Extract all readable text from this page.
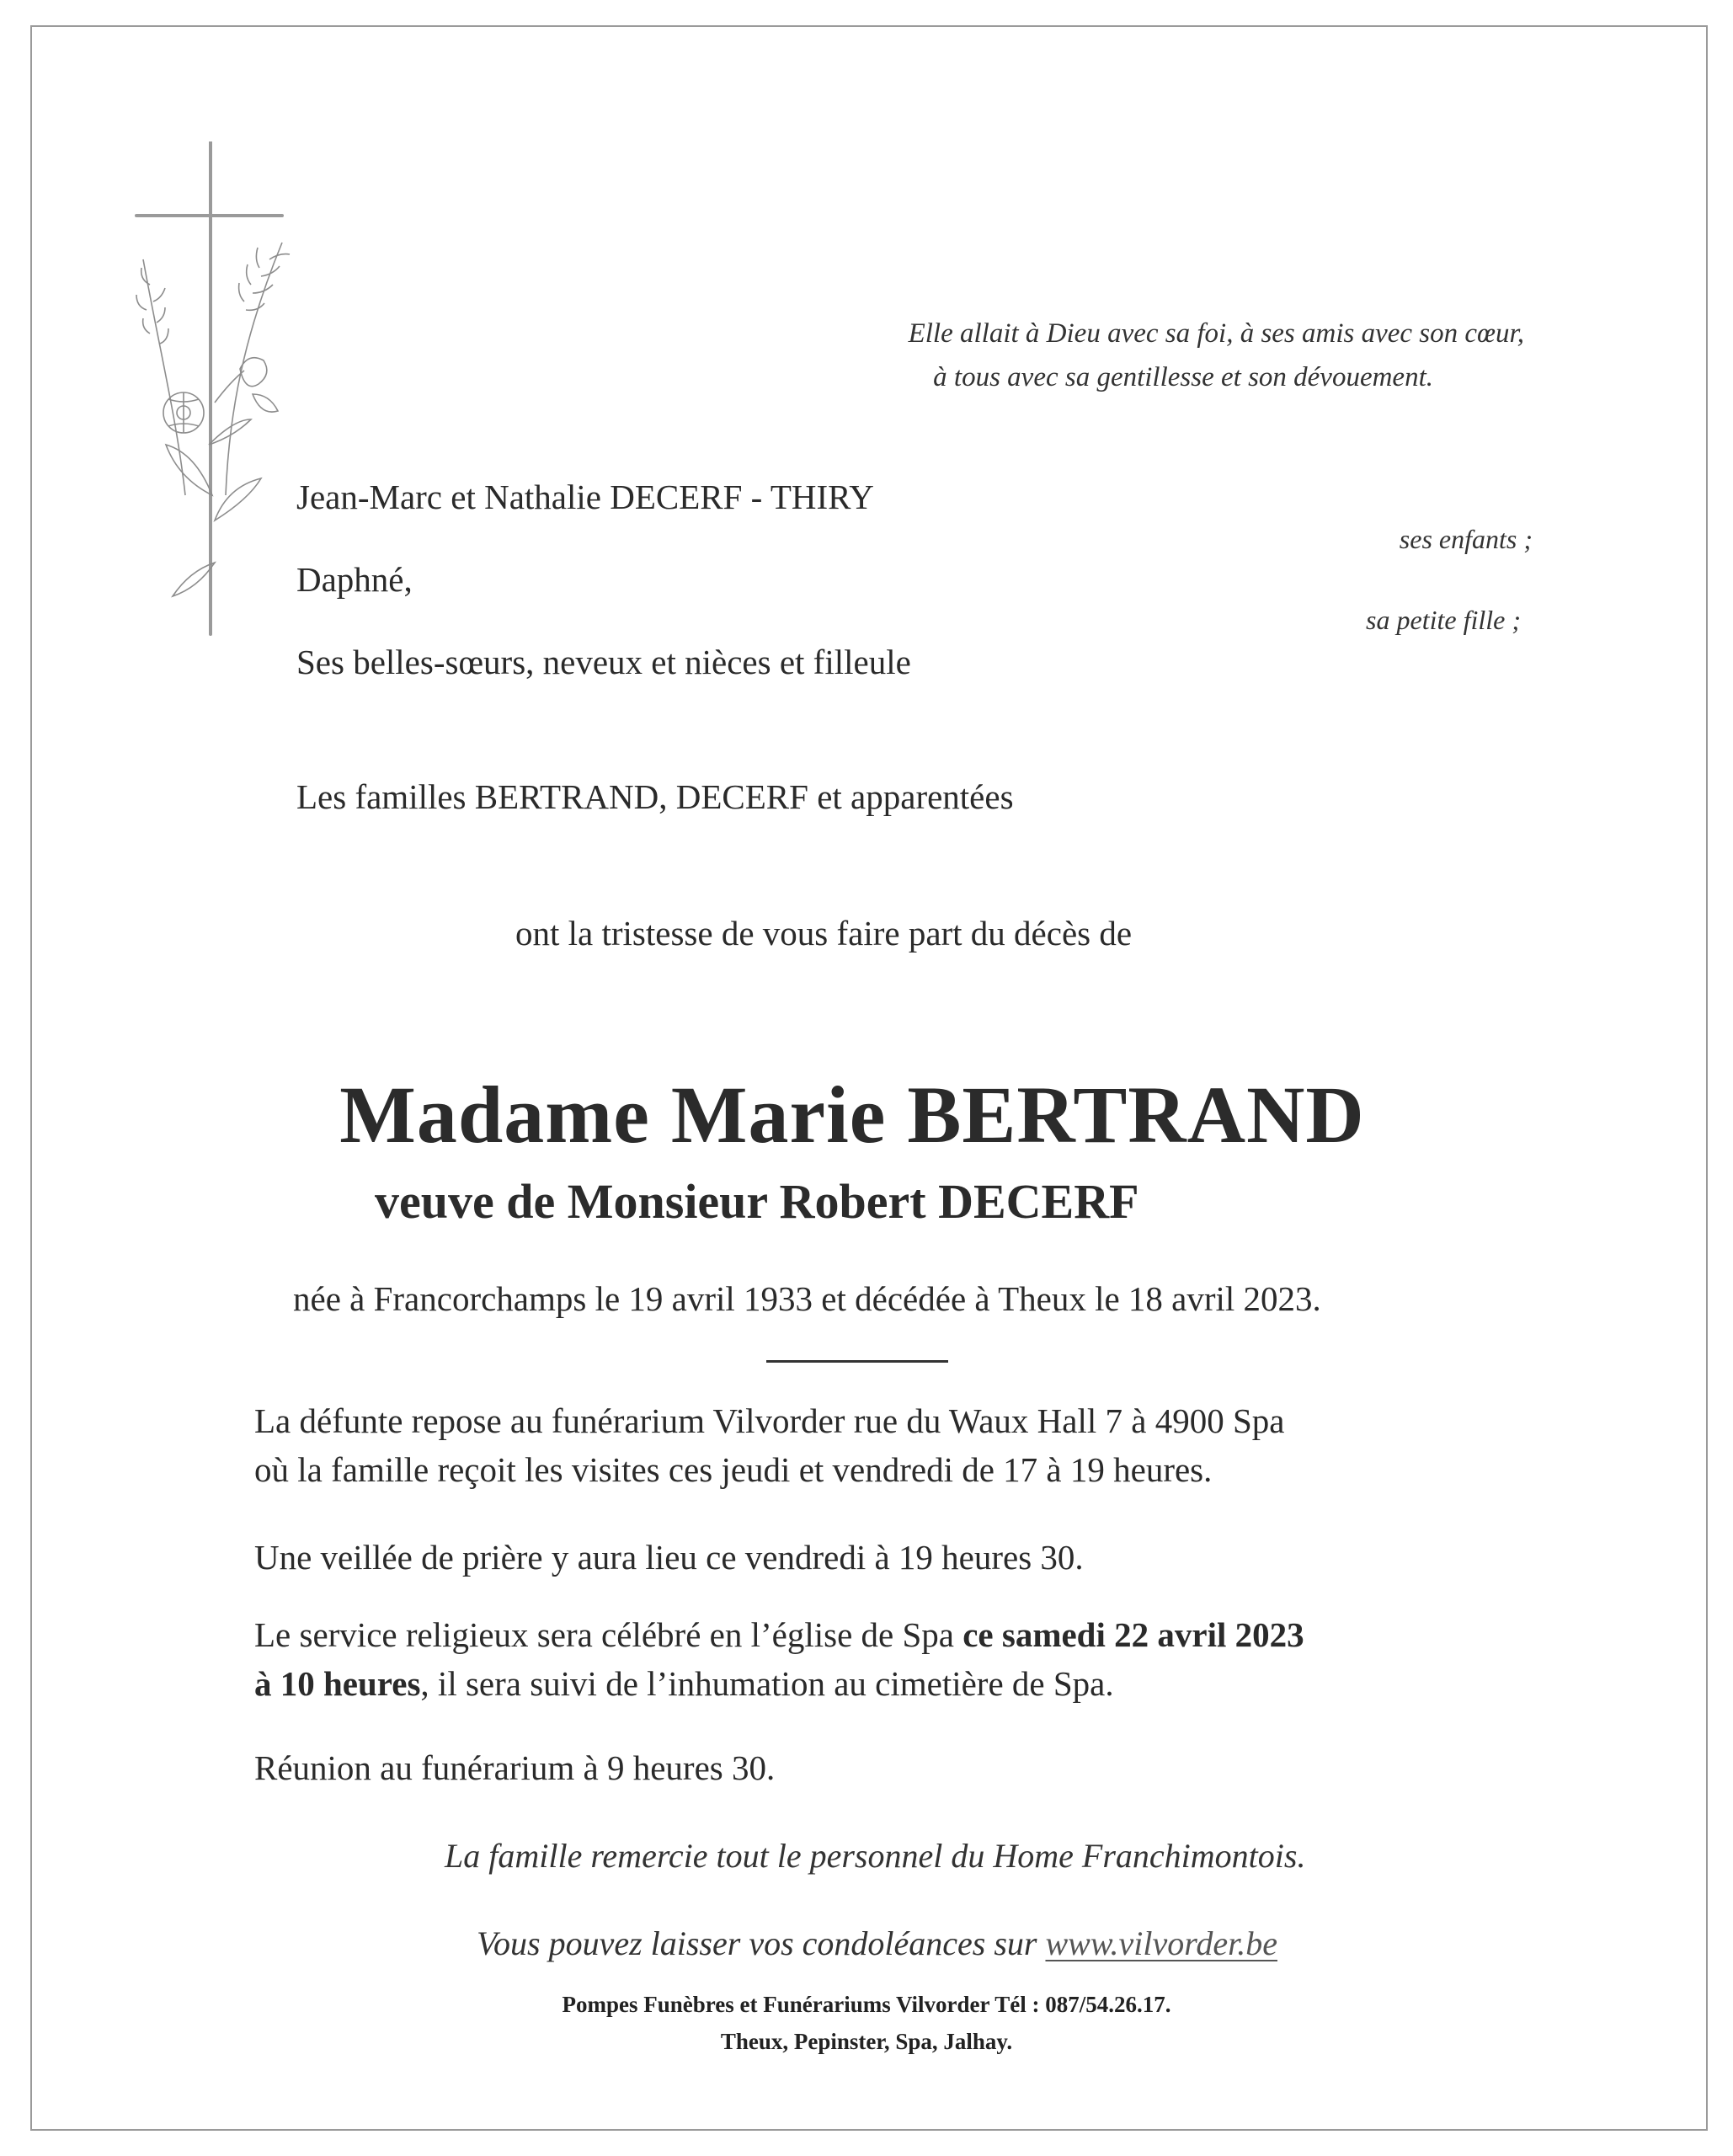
Elle allait à Dieu avec sa foi, à ses amis avec son cœur,
à tous avec sa gentillesse et son dévouement.
Jean-Marc et Nathalie DECERF - THIRY
ses enfants ;
Daphné,
sa petite fille ;
Ses belles-sœurs, neveux et nièces et filleule
Les familles BERTRAND, DECERF et apparentées
ont la tristesse de vous faire part du décès de
Madame Marie BERTRAND
veuve de Monsieur Robert DECERF
née à Francorchamps le 19 avril 1933 et décédée à Theux le 18 avril 2023.
La défunte repose au funérarium Vilvorder rue du Waux Hall 7 à 4900 Spa
où la famille reçoit les visites ces jeudi et vendredi de 17 à 19 heures.
Une veillée de prière y aura lieu ce vendredi à 19 heures 30.
Le service religieux sera célébré en l’église de Spa ce samedi 22 avril 2023
à 10 heures, il sera suivi de l’inhumation au cimetière de Spa.
Réunion au funérarium à 9 heures 30.
La famille remercie tout le personnel du Home Franchimontois.
Vous pouvez laisser vos condoléances sur www.vilvorder.be
Pompes Funèbres et Funérariums Vilvorder Tél : 087/54.26.17.
Theux, Pepinster, Spa, Jalhay.
